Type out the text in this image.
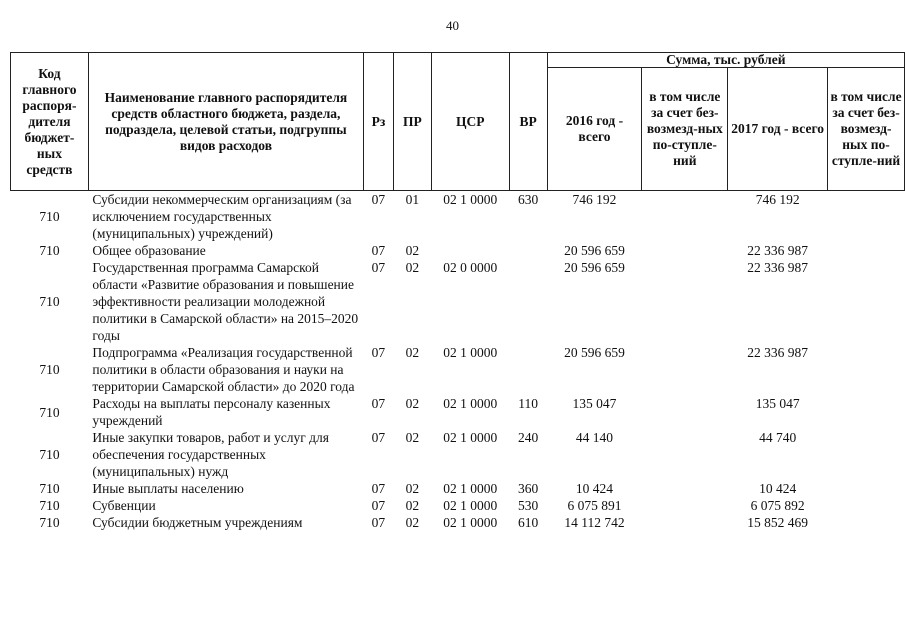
40
Код главного распоря-дителя бюджет-ных средств	Наименование главного распорядителя средств областного бюджета, раздела, подраздела, целевой статьи, подгруппы видов расходов	Рз	ПР	ЦСР	ВР	Сумма, тыс. рублей			
						2016 год - всего	в том числе за счет без-возмезд-ных по-ступле-ний	2017 год - всего	в том числе за счет без-возмезд-ных по-ступле-ний
710	Субсидии некоммерческим организациям (за исключением государственных (муниципальных) учреждений)	07	01	02 1 0000	630	746 192		746 192	
710	Общее образование	07	02			20 596 659		22 336 987	
710	Государственная программа Самарской области «Развитие образования и повышение эффективности реализации молодежной политики в Самарской области» на 2015–2020 годы	07	02	02 0 0000		20 596 659		22 336 987	
710	Подпрограмма «Реализация государственной политики в области образования и науки на территории Самарской области» до 2020 года	07	02	02 1 0000		20 596 659		22 336 987	
710	Расходы на выплаты персоналу казенных учреждений	07	02	02 1 0000	110	135 047		135 047	
710	Иные закупки товаров, работ и услуг для обеспечения государственных (муниципальных) нужд	07	02	02 1 0000	240	44 140		44 740	
710	Иные выплаты населению	07	02	02 1 0000	360	10 424		10 424	
710	Субвенции	07	02	02 1 0000	530	6 075 891		6 075 892	
710	Субсидии бюджетным учреждениям	07	02	02 1 0000	610	14 112 742		15 852 469	
